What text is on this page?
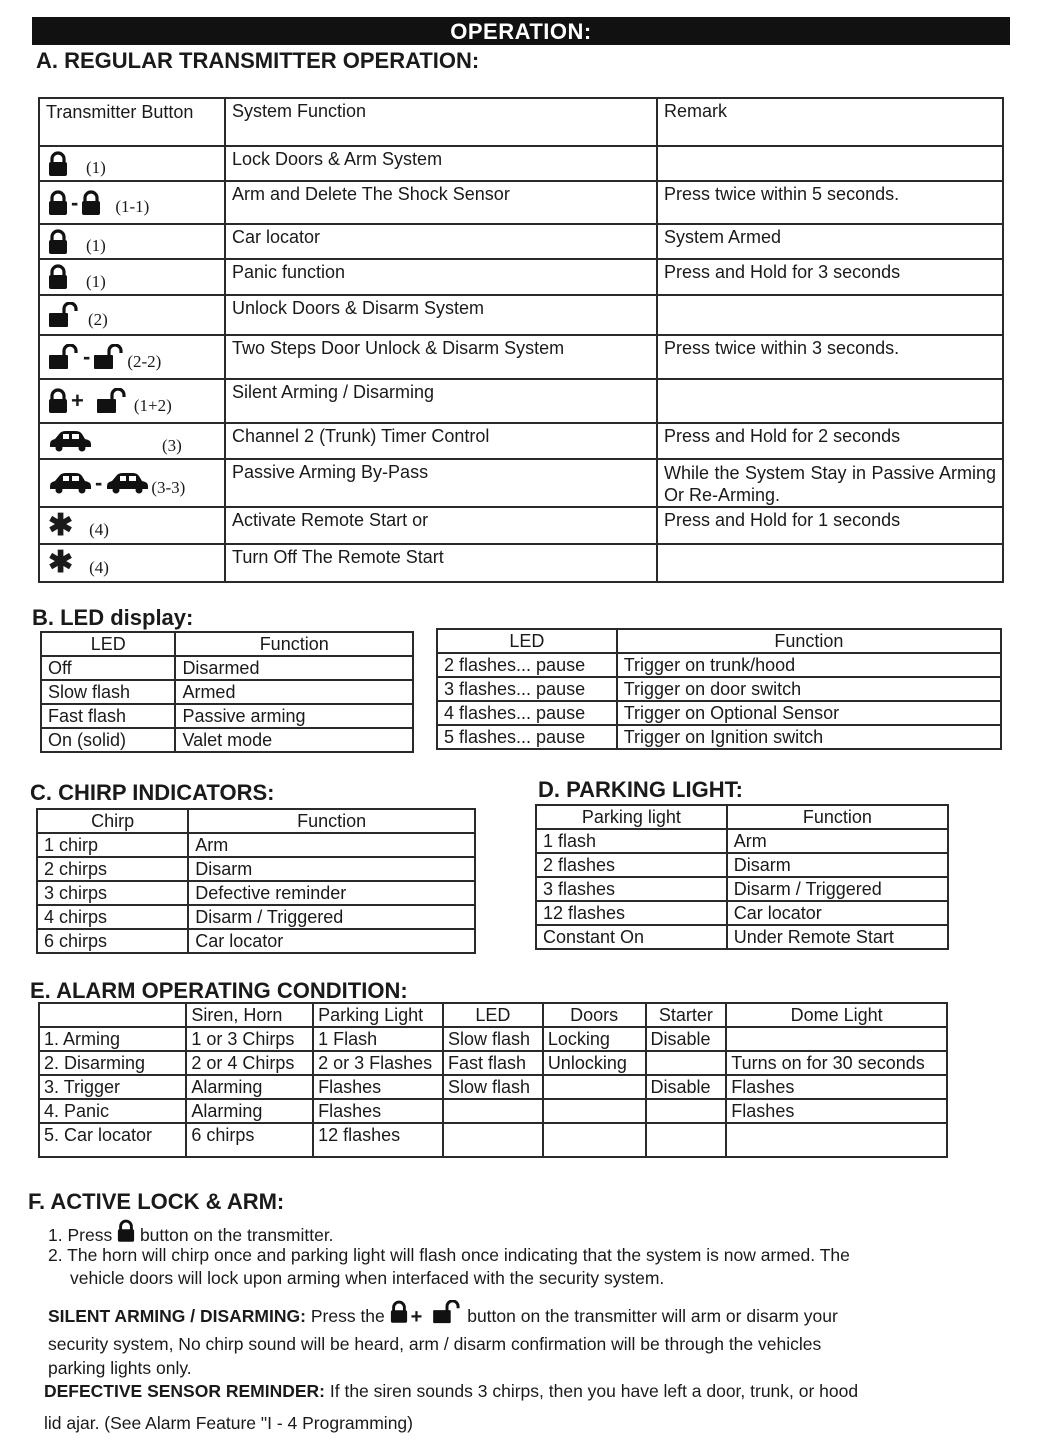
OPERATION:
A. REGULAR TRANSMITTER OPERATION:
Transmitter Button	System Function	Remark
(1)	Lock Doors & Arm System	
- (1-1)	Arm and Delete The Shock Sensor	Press twice within 5 seconds.
(1)	Car locator	System Armed
(1)	Panic function	Press and Hold for 3 seconds
(2)	Unlock Doors & Disarm System	
- (2-2)	Two Steps Door Unlock & Disarm System	Press twice within 3 seconds.
+ (1+2)	Silent Arming / Disarming	
(3)	Channel 2 (Trunk) Timer Control	Press and Hold for 2 seconds
- (3-3)	Passive Arming By-Pass	While the System Stay in Passive Arming Or Re-Arming.
✱ (4)	Activate Remote Start or	Press and Hold for 1 seconds
✱ (4)	Turn Off The Remote Start	
B. LED display:
LED	Function
Off	Disarmed
Slow flash	Armed
Fast flash	Passive arming
On (solid)	Valet mode
LED	Function
2 flashes... pause	Trigger on trunk/hood
3 flashes... pause	Trigger on door switch
4 flashes... pause	Trigger on Optional Sensor
5 flashes... pause	Trigger on Ignition switch
C. CHIRP INDICATORS:
Chirp	Function
1 chirp	Arm
2 chirps	Disarm
3 chirps	Defective reminder
4 chirps	Disarm / Triggered
6 chirps	Car locator
D. PARKING LIGHT:
Parking light	Function
1 flash	Arm
2 flashes	Disarm
3 flashes	Disarm / Triggered
12 flashes	Car locator
Constant On	Under Remote Start
E. ALARM OPERATING CONDITION:
	Siren, Horn	Parking Light	LED	Doors	Starter	Dome Light
1. Arming	1 or 3 Chirps	1 Flash	Slow flash	Locking	Disable	
2. Disarming	2 or 4 Chirps	2 or 3 Flashes	Fast flash	Unlocking		Turns on for 30 seconds
3. Trigger	Alarming	Flashes	Slow flash		Disable	Flashes
4. Panic	Alarming	Flashes				Flashes
5. Car locator	6 chirps	12 flashes				
F. ACTIVE LOCK & ARM:
1. Press button on the transmitter.
2. The horn will chirp once and parking light will flash once indicating that the system is now armed. The
vehicle doors will lock upon arming when interfaced with the security system.
SILENT ARMING / DISARMING: Press the +	button on the transmitter will arm or disarm your
security system, No chirp sound will be heard, arm / disarm confirmation will be through the vehicles
parking lights only.
DEFECTIVE SENSOR REMINDER: If the siren sounds 3 chirps, then you have left a door, trunk, or hood
lid ajar. (See Alarm Feature "I - 4 Programming)
